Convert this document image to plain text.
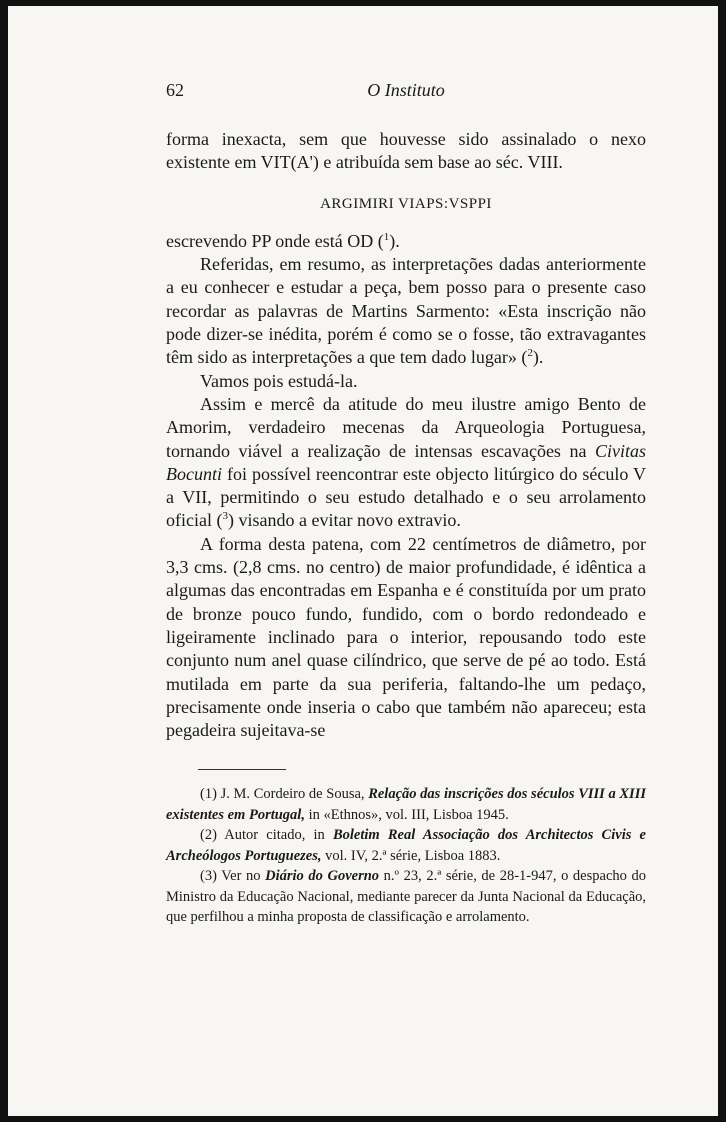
62	O Instituto

forma inexacta, sem que houvesse sido assinalado o nexo existente em VIT(A') e atribuída sem base ao séc. VIII.

ARGIMIRI VIAPS:VSPPI

escrevendo PP onde está OD ($^1$).

Referidas, em resumo, as interpretações dadas anteriormente a eu conhecer e estudar a peça, bem posso para o presente caso recordar as palavras de Martins Sarmento: «Esta inscrição não pode dizer-se inédita, porém é como se o fosse, tão extravagantes têm sido as interpretações a que tem dado lugar» ($^2$).

Vamos pois estudá-la.

Assim e mercê da atitude do meu ilustre amigo Bento de Amorim, verdadeiro mecenas da Arqueologia Portuguesa, tornando viável a realização de intensas escavações na Civitas Bocunti foi possível reencontrar este objecto litúrgico do século V a VII, permitindo o seu estudo detalhado e o seu arrolamento oficial ($^3$) visando a evitar novo extravio.

A forma desta patena, com 22 centímetros de diâmetro, por 3,3 cms. (2,8 cms. no centro) de maior profundidade, é idêntica a algumas das encontradas em Espanha e é constituída por um prato de bronze pouco fundo, fundido, com o bordo redondeado e ligeiramente inclinado para o interior, repousando todo este conjunto num anel quase cilíndrico, que serve de pé ao todo. Está mutilada em parte da sua periferia, faltando-lhe um pedaço, precisamente onde inseria o cabo que também não apareceu; esta pegadeira sujeitava-se

(1) J. M. Cordeiro de Sousa, Relação das inscrições dos séculos VIII a XIII existentes em Portugal, in «Ethnos», vol. III, Lisboa 1945.

(2) Autor citado, in Boletim Real Associação dos Architectos Civis e Archeólogos Portuguezes, vol. IV, 2.ª série, Lisboa 1883.

(3) Ver no Diário do Governo n.º 23, 2.ª série, de 28-1-947, o despacho do Ministro da Educação Nacional, mediante parecer da Junta Nacional da Educação, que perfilhou a minha proposta de classificação e arrolamento.
